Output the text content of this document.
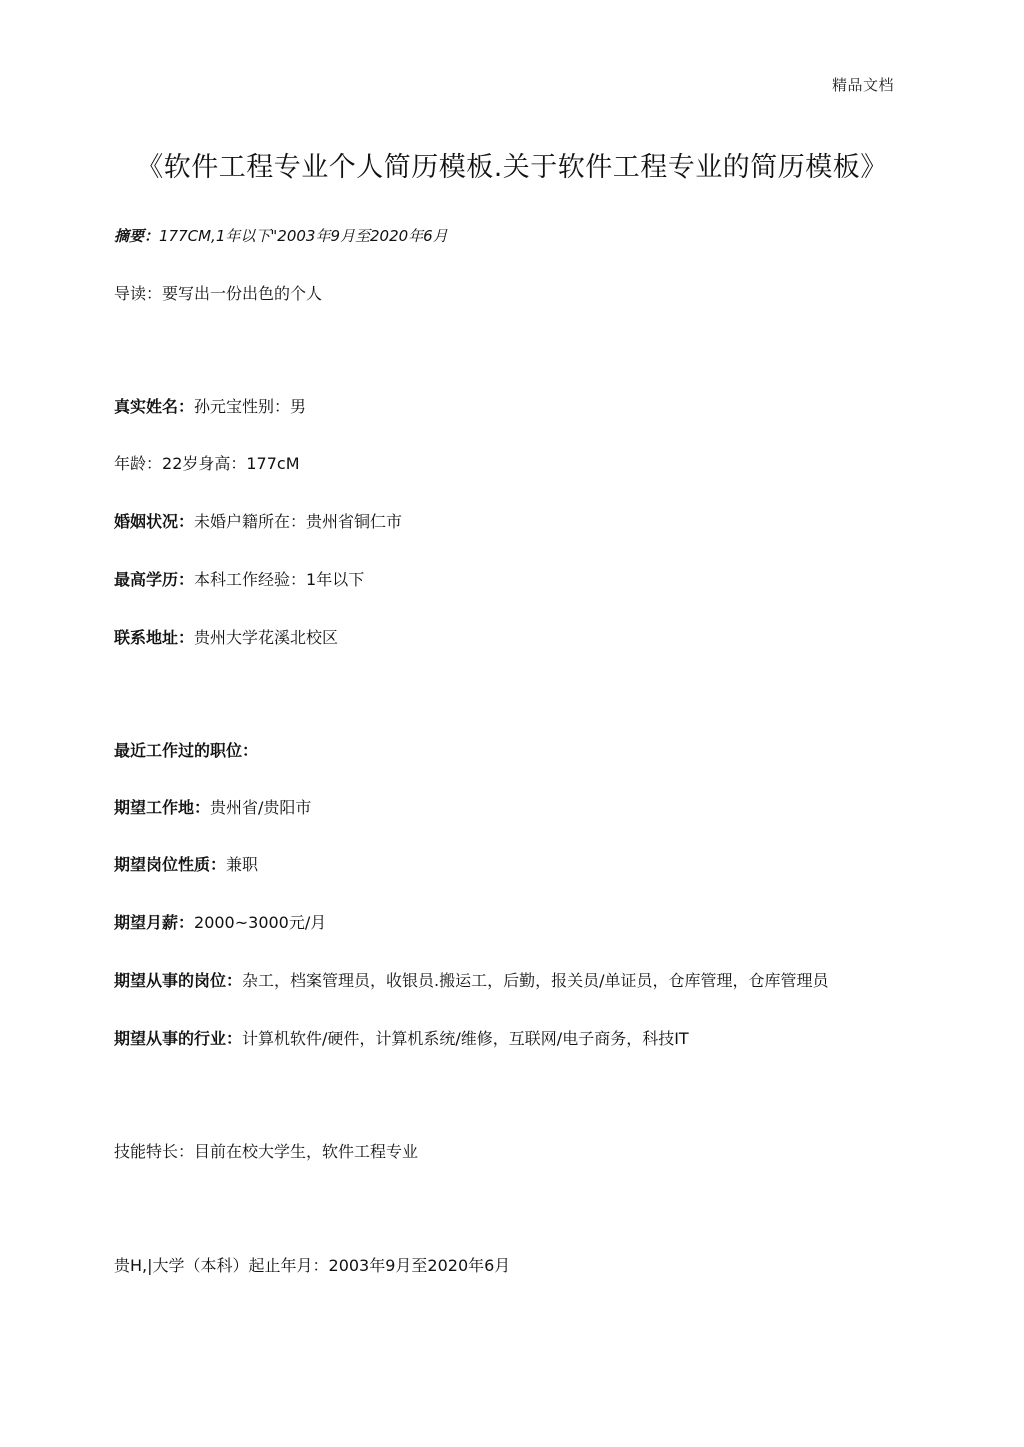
精品文档
《软件工程专业个人简历模板.关于软件工程专业的简历模板》
摘要：177CM,1年以下"2003年9月至2020年6月
导读：要写出一份出色的个人
真实姓名：孙元宝性别：男
年龄：22岁身高：177cM
婚姻状况：未婚户籍所在：贵州省铜仁市
最高学历：本科工作经验：1年以下
联系地址：贵州大学花溪北校区
最近工作过的职位：
期望工作地：贵州省/贵阳市
期望岗位性质：兼职
期望月薪：2000~3000元/月
期望从事的岗位：杂工，档案管理员，收银员.搬运工，后勤，报关员/单证员，仓库管理，仓库管理员
期望从事的行业：计算机软件/硬件，计算机系统/维修，互联网/电子商务，科技IT
技能特长：目前在校大学生，软件工程专业
贵H,|大学（本科）起止年月：2003年9月至2020年6月
